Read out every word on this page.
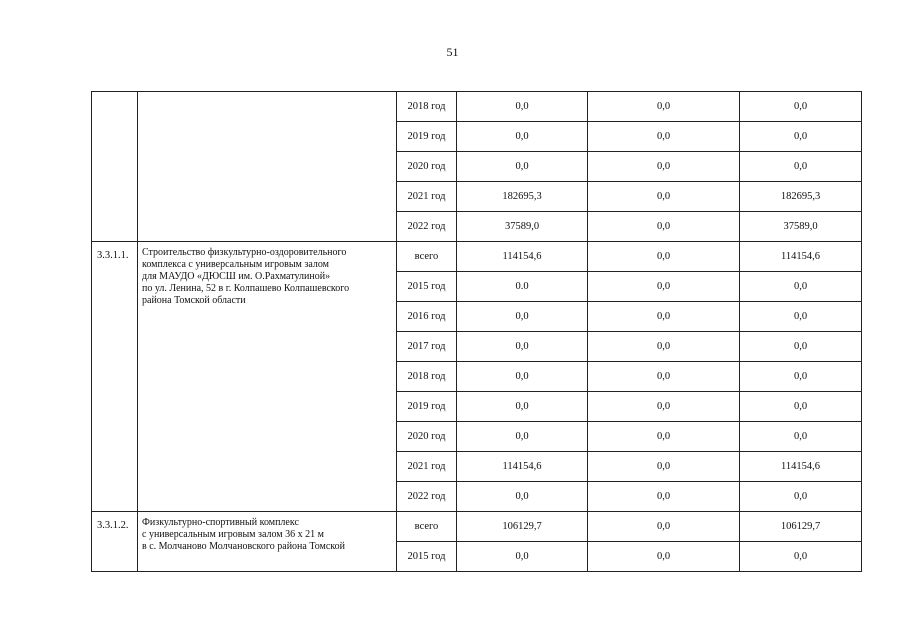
51
		2018 год	0,0	0,0	0,0
		2019 год	0,0	0,0	0,0
		2020 год	0,0	0,0	0,0
		2021 год	182695,3	0,0	182695,3
		2022 год	37589,0	0,0	37589,0
3.3.1.1.	Строительство физкультурно-оздоровительного
комплекса с универсальным игровым залом
для МАУДО «ДЮСШ им. О.Рахматулиной»
по ул. Ленина, 52 в г. Колпашево Колпашевского
района Томской области	всего	114154,6	0,0	114154,6
		2015 год	0.0	0,0	0,0
		2016 год	0,0	0,0	0,0
		2017 год	0,0	0,0	0,0
		2018 год	0,0	0,0	0,0
		2019 год	0,0	0,0	0,0
		2020 год	0,0	0,0	0,0
		2021 год	114154,6	0,0	114154,6
		2022 год	0,0	0,0	0,0
3.3.1.2.	Физкультурно-спортивный комплекс
с универсальным игровым залом 36 х 21 м
в с. Молчаново Молчановского района Томской	всего	106129,7	0,0	106129,7
		2015 год	0,0	0,0	0,0
